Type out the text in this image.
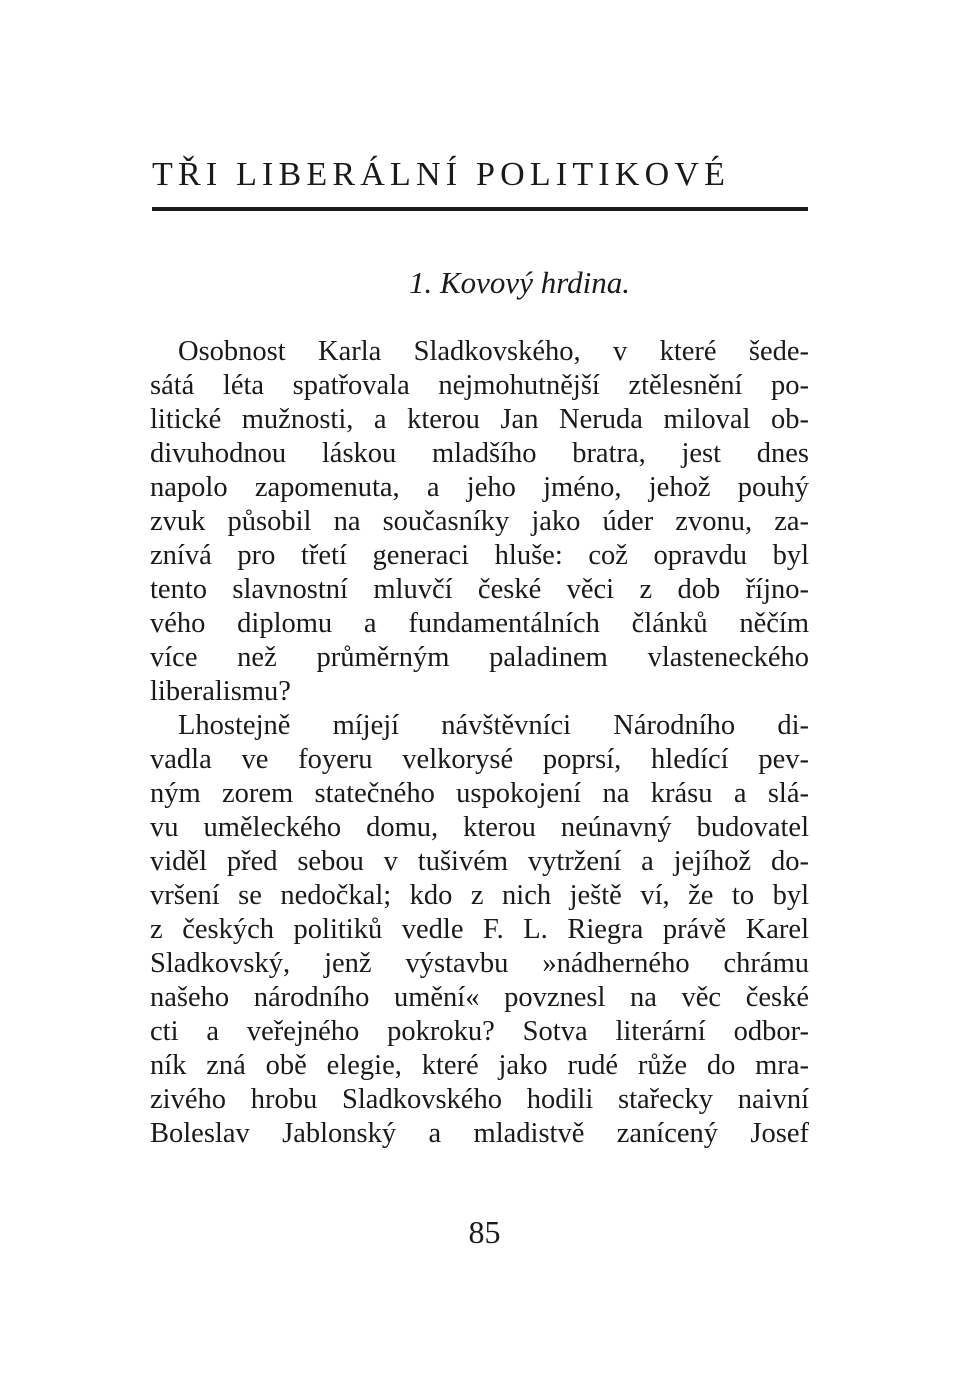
TŘI LIBERÁLNÍ POLITIKOVÉ
1. Kovový hrdina.
Osobnost Karla Sladkovského, v které šede-
sátá léta spatřovala nejmohutnější ztělesnění po-
litické mužnosti, a kterou Jan Neruda miloval ob-
divuhodnou láskou mladšího bratra, jest dnes
napolo zapomenuta, a jeho jméno, jehož pouhý
zvuk působil na současníky jako úder zvonu, za-
znívá pro třetí generaci hluše: což opravdu byl
tento slavnostní mluvčí české věci z dob říjno-
vého diplomu a fundamentálních článků něčím
více než průměrným paladinem vlasteneckého
liberalismu?
Lhostejně míjejí návštěvníci Národního di-
vadla ve foyeru velkorysé poprsí, hledící pev-
ným zorem statečného uspokojení na krásu a slá-
vu uměleckého domu, kterou neúnavný budovatel
viděl před sebou v tušivém vytržení a jejíhož do-
vršení se nedočkal; kdo z nich ještě ví, že to byl
z českých politiků vedle F. L. Riegra právě Karel
Sladkovský, jenž výstavbu »nádherného chrámu
našeho národního umění« povznesl na věc české
cti a veřejného pokroku? Sotva literární odbor-
ník zná obě elegie, které jako rudé růže do mra-
zivého hrobu Sladkovského hodili stařecky naivní
Boleslav Jablonský a mladistvě zanícený Josef
85
